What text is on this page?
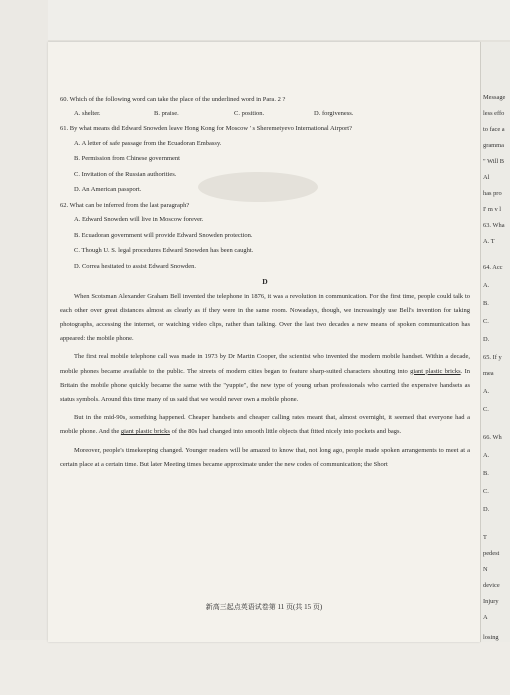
Message
less effo
to face a
gramma
" Will B
Al
has pro
I' m v l
63. Wha
A. T
64. Acc
A.
B.
C.
D.
65. If y
mea
A.
C.
66. Wh
A.
B.
C.
D.
T
pedest
N
device
Injury
A
losing

60. Which of the following word can take the place of the underlined word in Para. 2 ?

A. shelter.	B. praise.	C. position.	D. forgiveness.

61. By what means did Edward Snowden leave Hong Kong for Moscow ' s Sheremetyevo International Airport?

A. A letter of safe passage from the Ecuadoran Embassy.
B. Permission from Chinese government
C. Invitation of the Russian authorities.
D. An American passport.

62. What can be inferred from the last paragraph?

A. Edward Snowden will live in Moscow forever.
B. Ecuadoran government will provide Edward Snowden protection.
C. Though U. S. legal procedures Edward Snowden has been caught.
D. Correa hesitated to assist Edward Snowden.
D

When Scotsman Alexander Graham Bell invented the telephone in 1876, it was a revolution in communication. For the first time, people could talk to each other over great distances almost as clearly as if they were in the same room. Nowadays, though, we increasingly use Bell's invention for taking photographs, accessing the internet, or watching video clips, rather than talking. Over the last two decades a new means of spoken communication has appeared: the mobile phone.

The first real mobile telephone call was made in 1973 by Dr Martin Cooper, the scientist who invented the modern mobile handset. Within a decade, mobile phones became available to the public. The streets of modern cities began to feature sharp-suited characters shouting into giant plastic bricks. In Britain the mobile phone quickly became the same with the "yuppie", the new type of young urban professionals who carried the expensive handsets as status symbols. Around this time many of us said that we would never own a mobile phone.

But in the mid-90s, something happened. Cheaper handsets and cheaper calling rates meant that, almost overnight, it seemed that everyone had a mobile phone. And the giant plastic bricks of the 80s had changed into smooth little objects that fitted nicely into pockets and bags.

Moreover, people's timekeeping changed. Younger readers will be amazed to know that, not long ago, people made spoken arrangements to meet at a certain place at a certain time. But later Meeting times became approximate under the new codes of communication; the Short

新高三起点英语试卷第 11 页(共 15 页)
